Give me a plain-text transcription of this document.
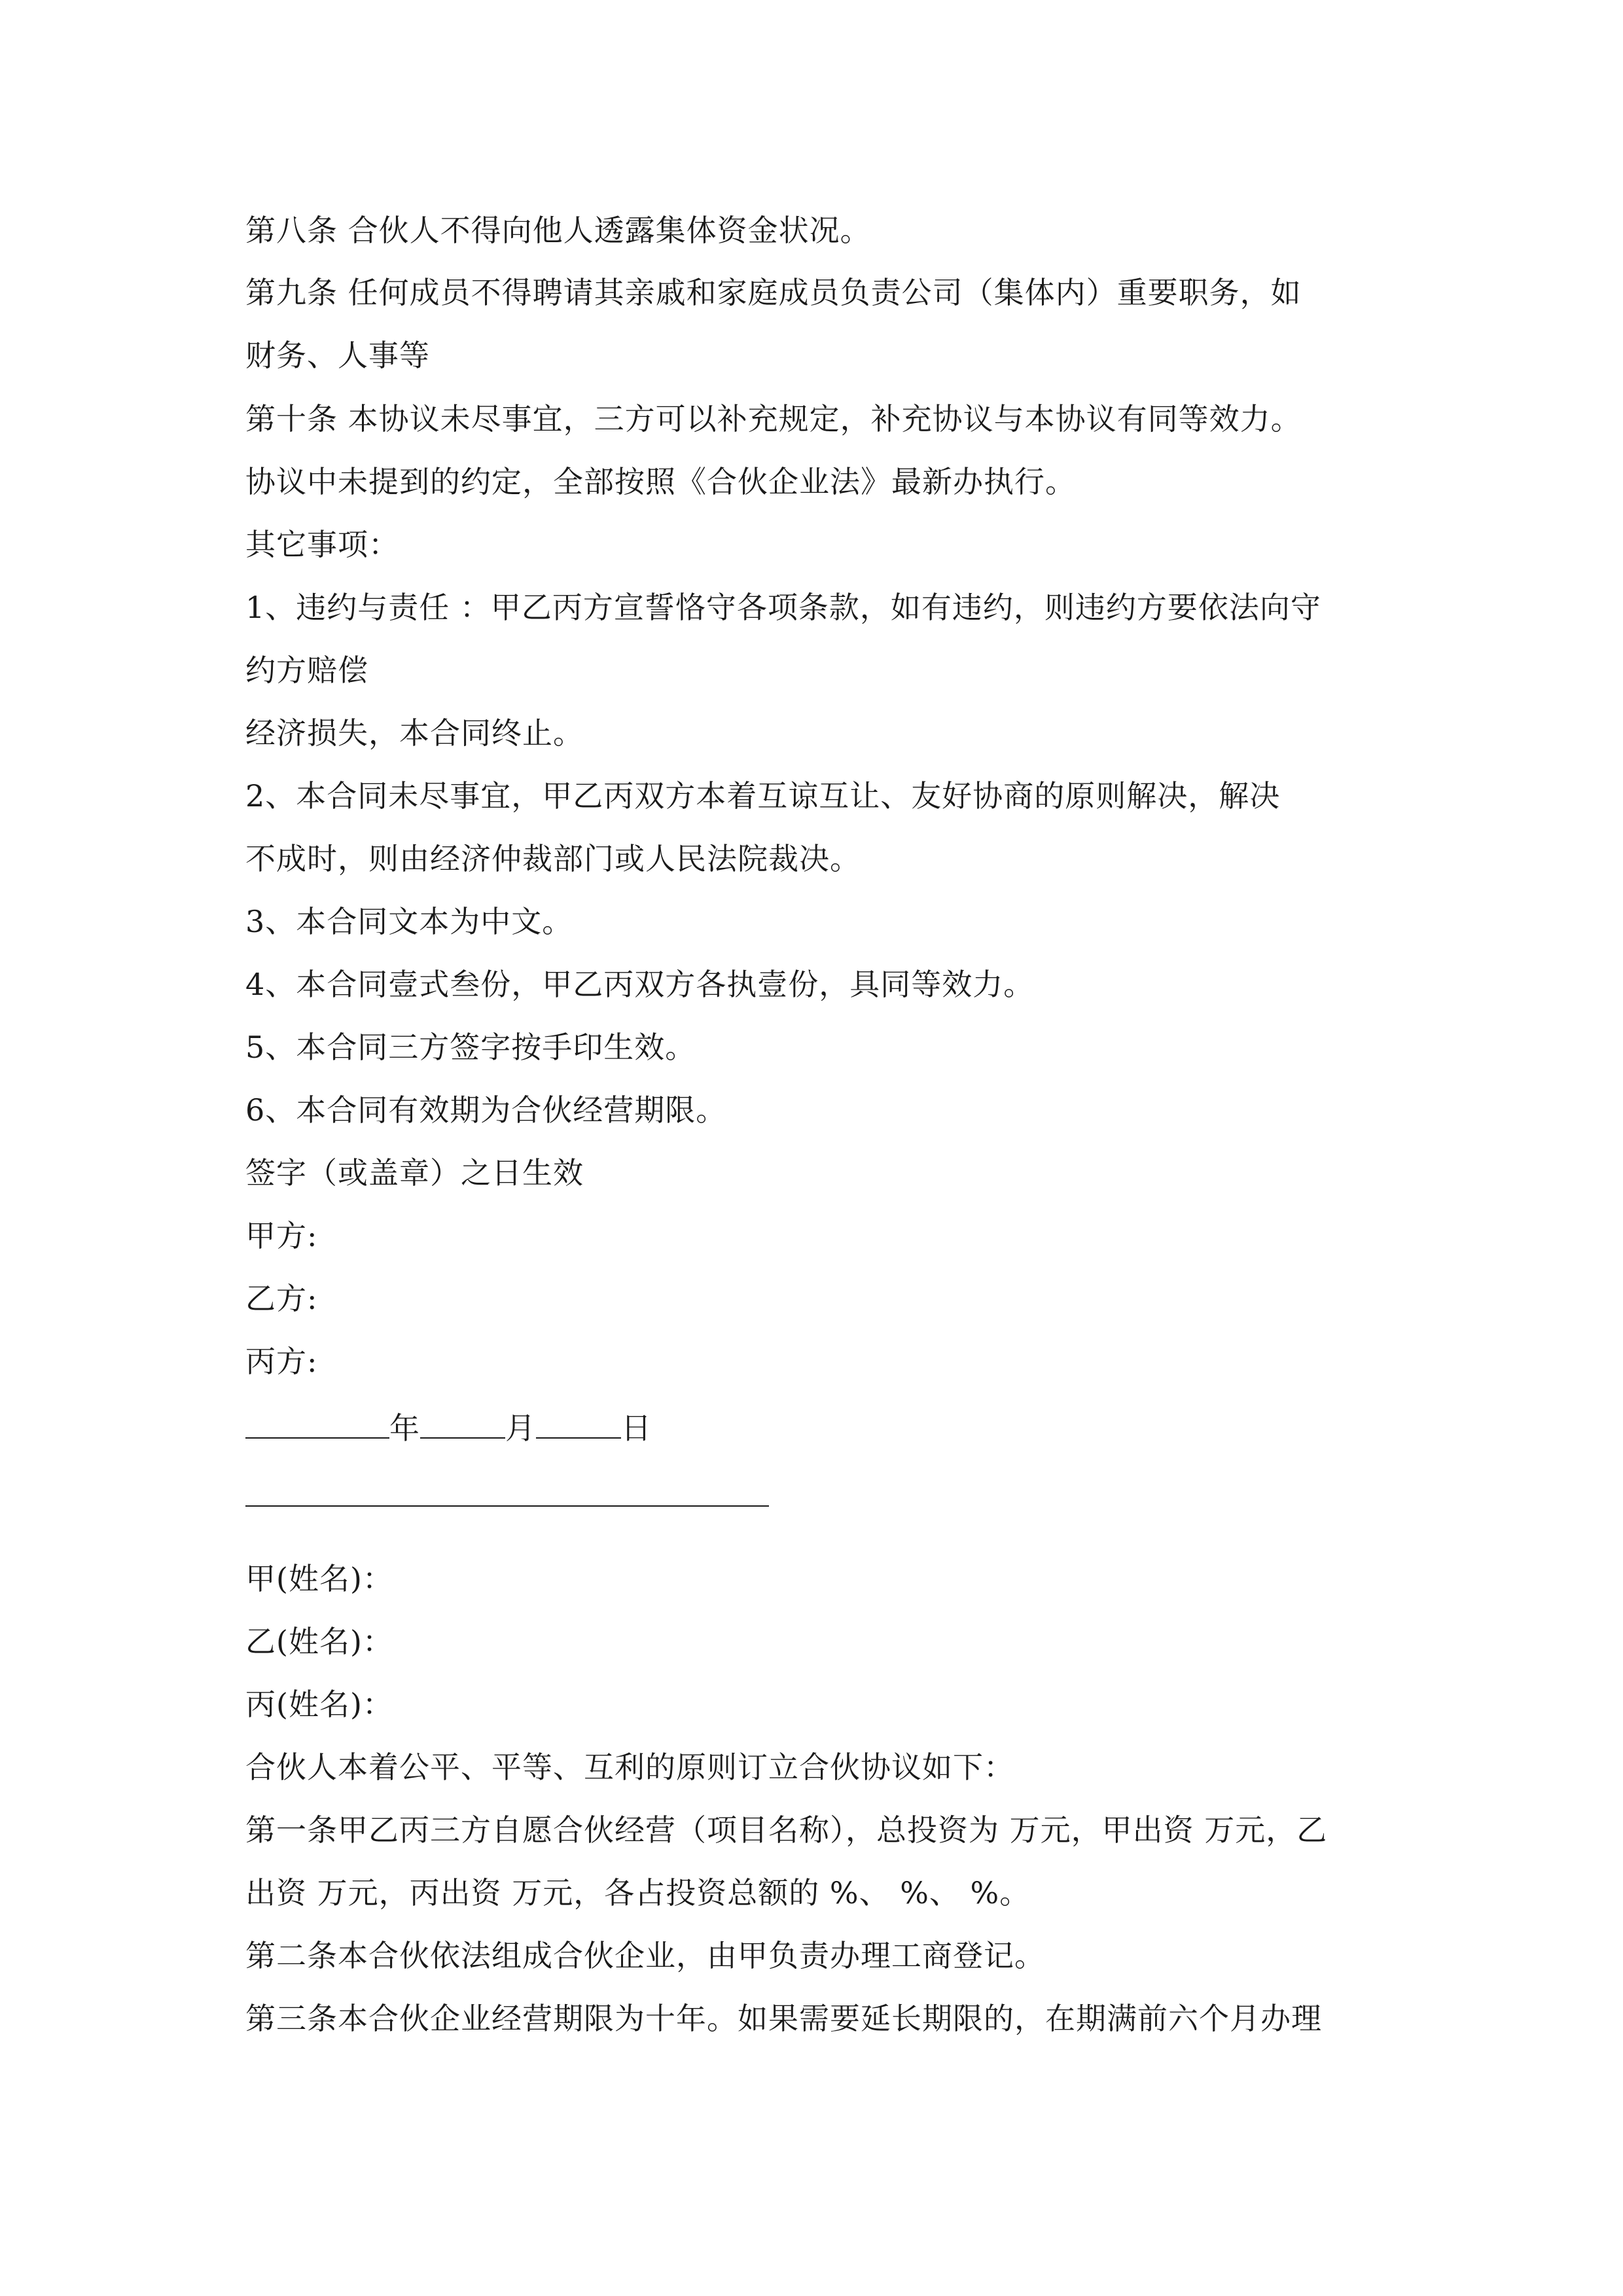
第八条 合伙人不得向他人透露集体资金状况。
第九条 任何成员不得聘请其亲戚和家庭成员负责公司（集体内）重要职务，如
财务、人事等
第十条 本协议未尽事宜，三方可以补充规定，补充协议与本协议有同等效力。
协议中未提到的约定，全部按照《合伙企业法》最新办执行。
其它事项：
1、违约与责任 ：甲乙丙方宣誓恪守各项条款，如有违约，则违约方要依法向守
约方赔偿
经济损失，本合同终止。
2、本合同未尽事宜，甲乙丙双方本着互谅互让、友好协商的原则解决，解决
不成时，则由经济仲裁部门或人民法院裁决。
3、本合同文本为中文。
4、本合同壹式叁份，甲乙丙双方各执壹份，具同等效力。
5、本合同三方签字按手印生效。
6、本合同有效期为合伙经营期限。
签字（或盖章）之日生效
甲方:
乙方:
丙方:
年	月	日
甲(姓名)：
乙(姓名)：
丙(姓名)：
合伙人本着公平、平等、互利的原则订立合伙协议如下：
第一条甲乙丙三方自愿合伙经营（项目名称），总投资为 万元，甲出资 万元，乙
出资 万元，丙出资 万元，各占投资总额的 %、 %、 %。
第二条本合伙依法组成合伙企业，由甲负责办理工商登记。
第三条本合伙企业经营期限为十年。如果需要延长期限的，在期满前六个月办理
